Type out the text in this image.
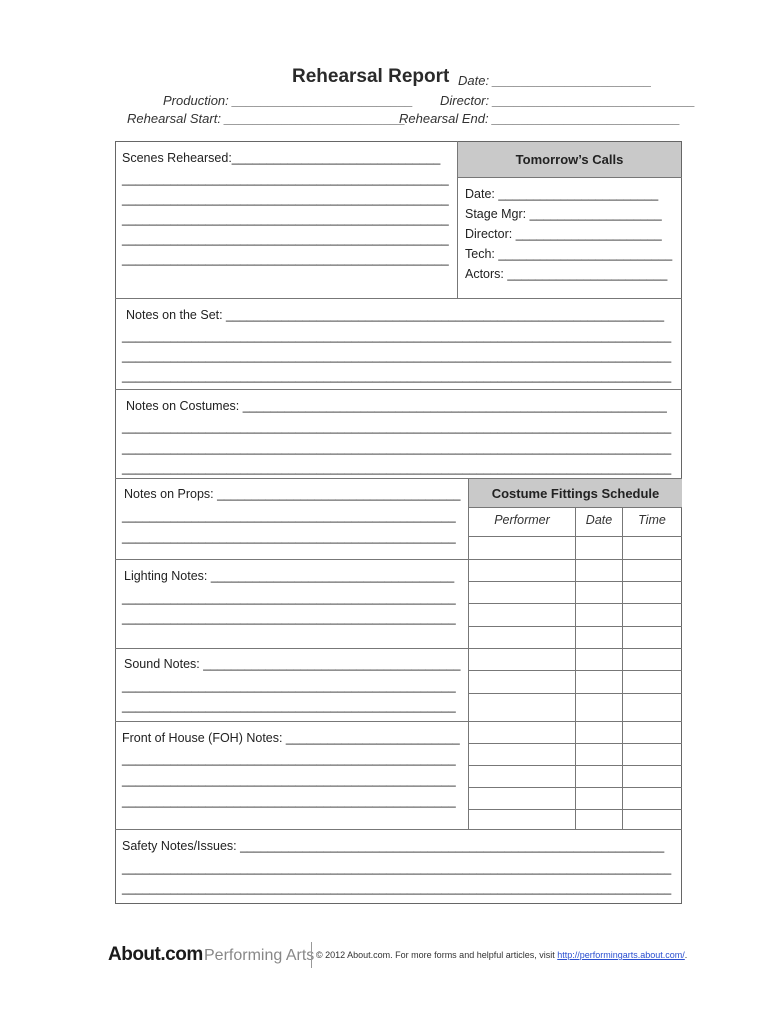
Rehearsal Report Date: ______________________
Production: _________________________ Director: ____________________________
Rehearsal Start: _________________________
Rehearsal End: __________________________
Scenes Rehearsed:______________________________
_______________________________________________
_______________________________________________
_______________________________________________
_______________________________________________
_______________________________________________
Tomorrow’s Calls
Date: _______________________
Stage Mgr: ___________________
Director: _____________________
Tech: _________________________
Actors: _______________________
Notes on the Set: _______________________________________________________________
_______________________________________________________________________________
_______________________________________________________________________________
_______________________________________________________________________________
Notes on Costumes: _____________________________________________________________
_______________________________________________________________________________
_______________________________________________________________________________
_______________________________________________________________________________
Notes on Props: ___________________________________
________________________________________________
________________________________________________
Lighting Notes: ___________________________________
________________________________________________
________________________________________________
Sound Notes: _____________________________________
________________________________________________
________________________________________________
Front of House (FOH) Notes: _________________________
________________________________________________
________________________________________________
________________________________________________
Costume Fittings Schedule
Performer	Date	Time
Safety Notes/Issues: _____________________________________________________________
_______________________________________________________________________________
_______________________________________________________________________________
About.com Performing Arts © 2012 About.com. For more forms and helpful articles, visit http://performingarts.about.com/.
